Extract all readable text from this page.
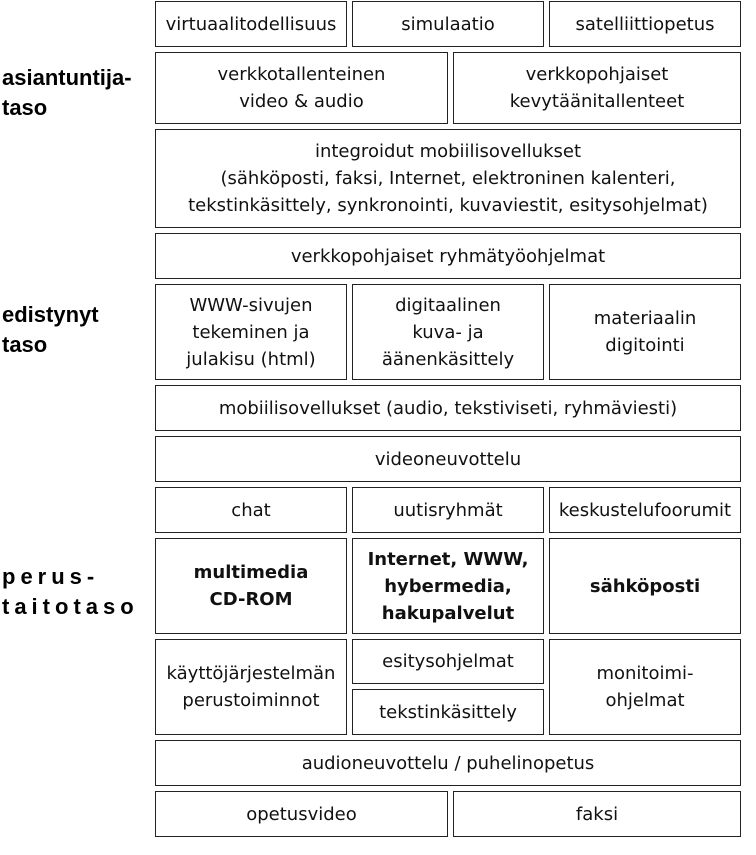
asiantuntija-
taso
edistynyt
taso
perus-
taitotaso
virtuaalitodellisuus	simulaatio	satelliittiopetus
verkkotallenteinen
video & audio
verkkopohjaiset
kevytäänitallenteet
integroidut mobiilisovellukset
(sähköposti, faksi, Internet, elektroninen kalenteri,
tekstinkäsittely, synkronointi, kuvaviestit, esitysohjelmat)
verkkopohjaiset ryhmätyöohjelmat
WWW-sivujen
tekeminen ja
julakisu (html)
digitaalinen
kuva- ja
äänenkäsittely
materiaalin
digitointi
mobiilisovellukset (audio, tekstiviseti, ryhmäviesti)
videoneuvottelu
chat	uutisryhmät	keskustelufoorumit
multimedia
CD-ROM
Internet, WWW,
hybermedia,
hakupalvelut
sähköposti
käyttöjärjestelmän
perustoiminnot
esitysohjelmat
tekstinkäsittely
monitoimi-
ohjelmat
audioneuvottelu / puhelinopetus
opetusvideo	faksi
